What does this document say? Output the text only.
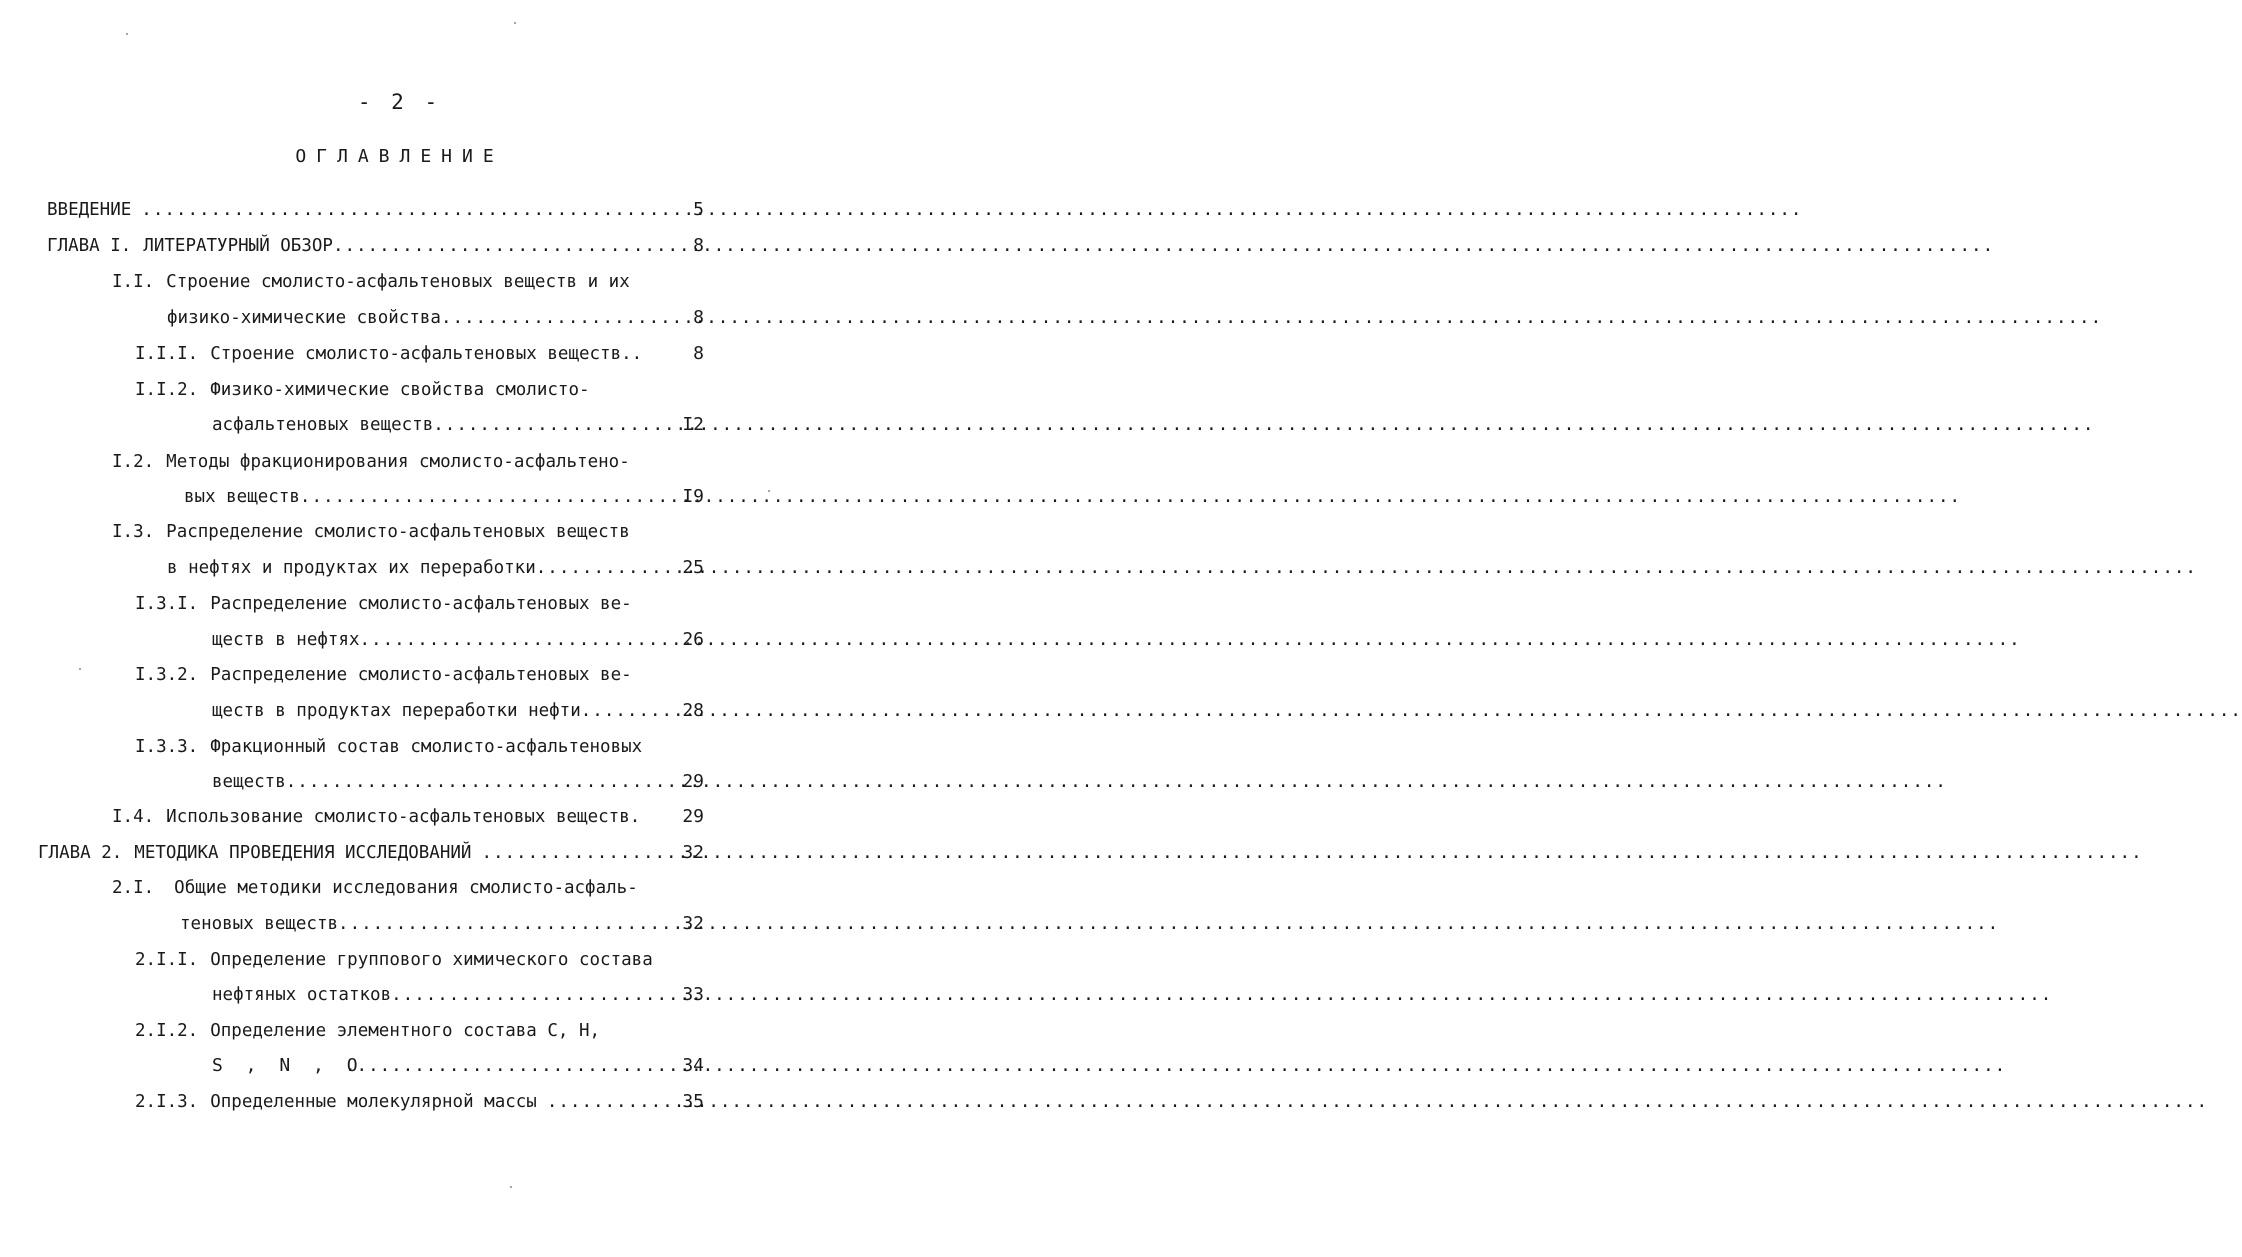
- 2 -
ОГЛАВЛЕНИЕ
ВВЕДЕНИЕ .....	5
ГЛАВА I. ЛИТЕРАТУРНЫЙ ОБЗОР .....	8
I.I. Строение смолисто-асфальтеновых веществ и их
физико-химические свойства .....	8
I.I.I. Строение смолисто-асфальтеновых веществ..	8
I.I.2. Физико-химические свойства смолисто-
асфальтеновых веществ .....	I2
I.2. Методы фракционирования смолисто-асфальтено-
вых веществ .....	I9
I.3. Распределение смолисто-асфальтеновых веществ
в нефтях и продуктах их переработки .....	25
I.3.I. Распределение смолисто-асфальтеновых ве-
ществ в нефтях .....	26
I.3.2. Распределение смолисто-асфальтеновых ве-
ществ в продуктах переработки нефти .....	28
I.3.3. Фракционный состав смолисто-асфальтеновых
веществ .....	29
I.4. Использование смолисто-асфальтеновых веществ.	29
ГЛАВА 2. МЕТОДИКА ПРОВЕДЕНИЯ ИССЛЕДОВАНИЙ .....	32
2.I. Общие методики исследования смолисто-асфаль-
теновых веществ .....	32
2.I.I. Определение группового химического состава
нефтяных остатков .....	33
2.I.2. Определение элементного состава С, Н,
S , N , O .....	34
2.I.3. Определенные молекулярной массы .....	35
